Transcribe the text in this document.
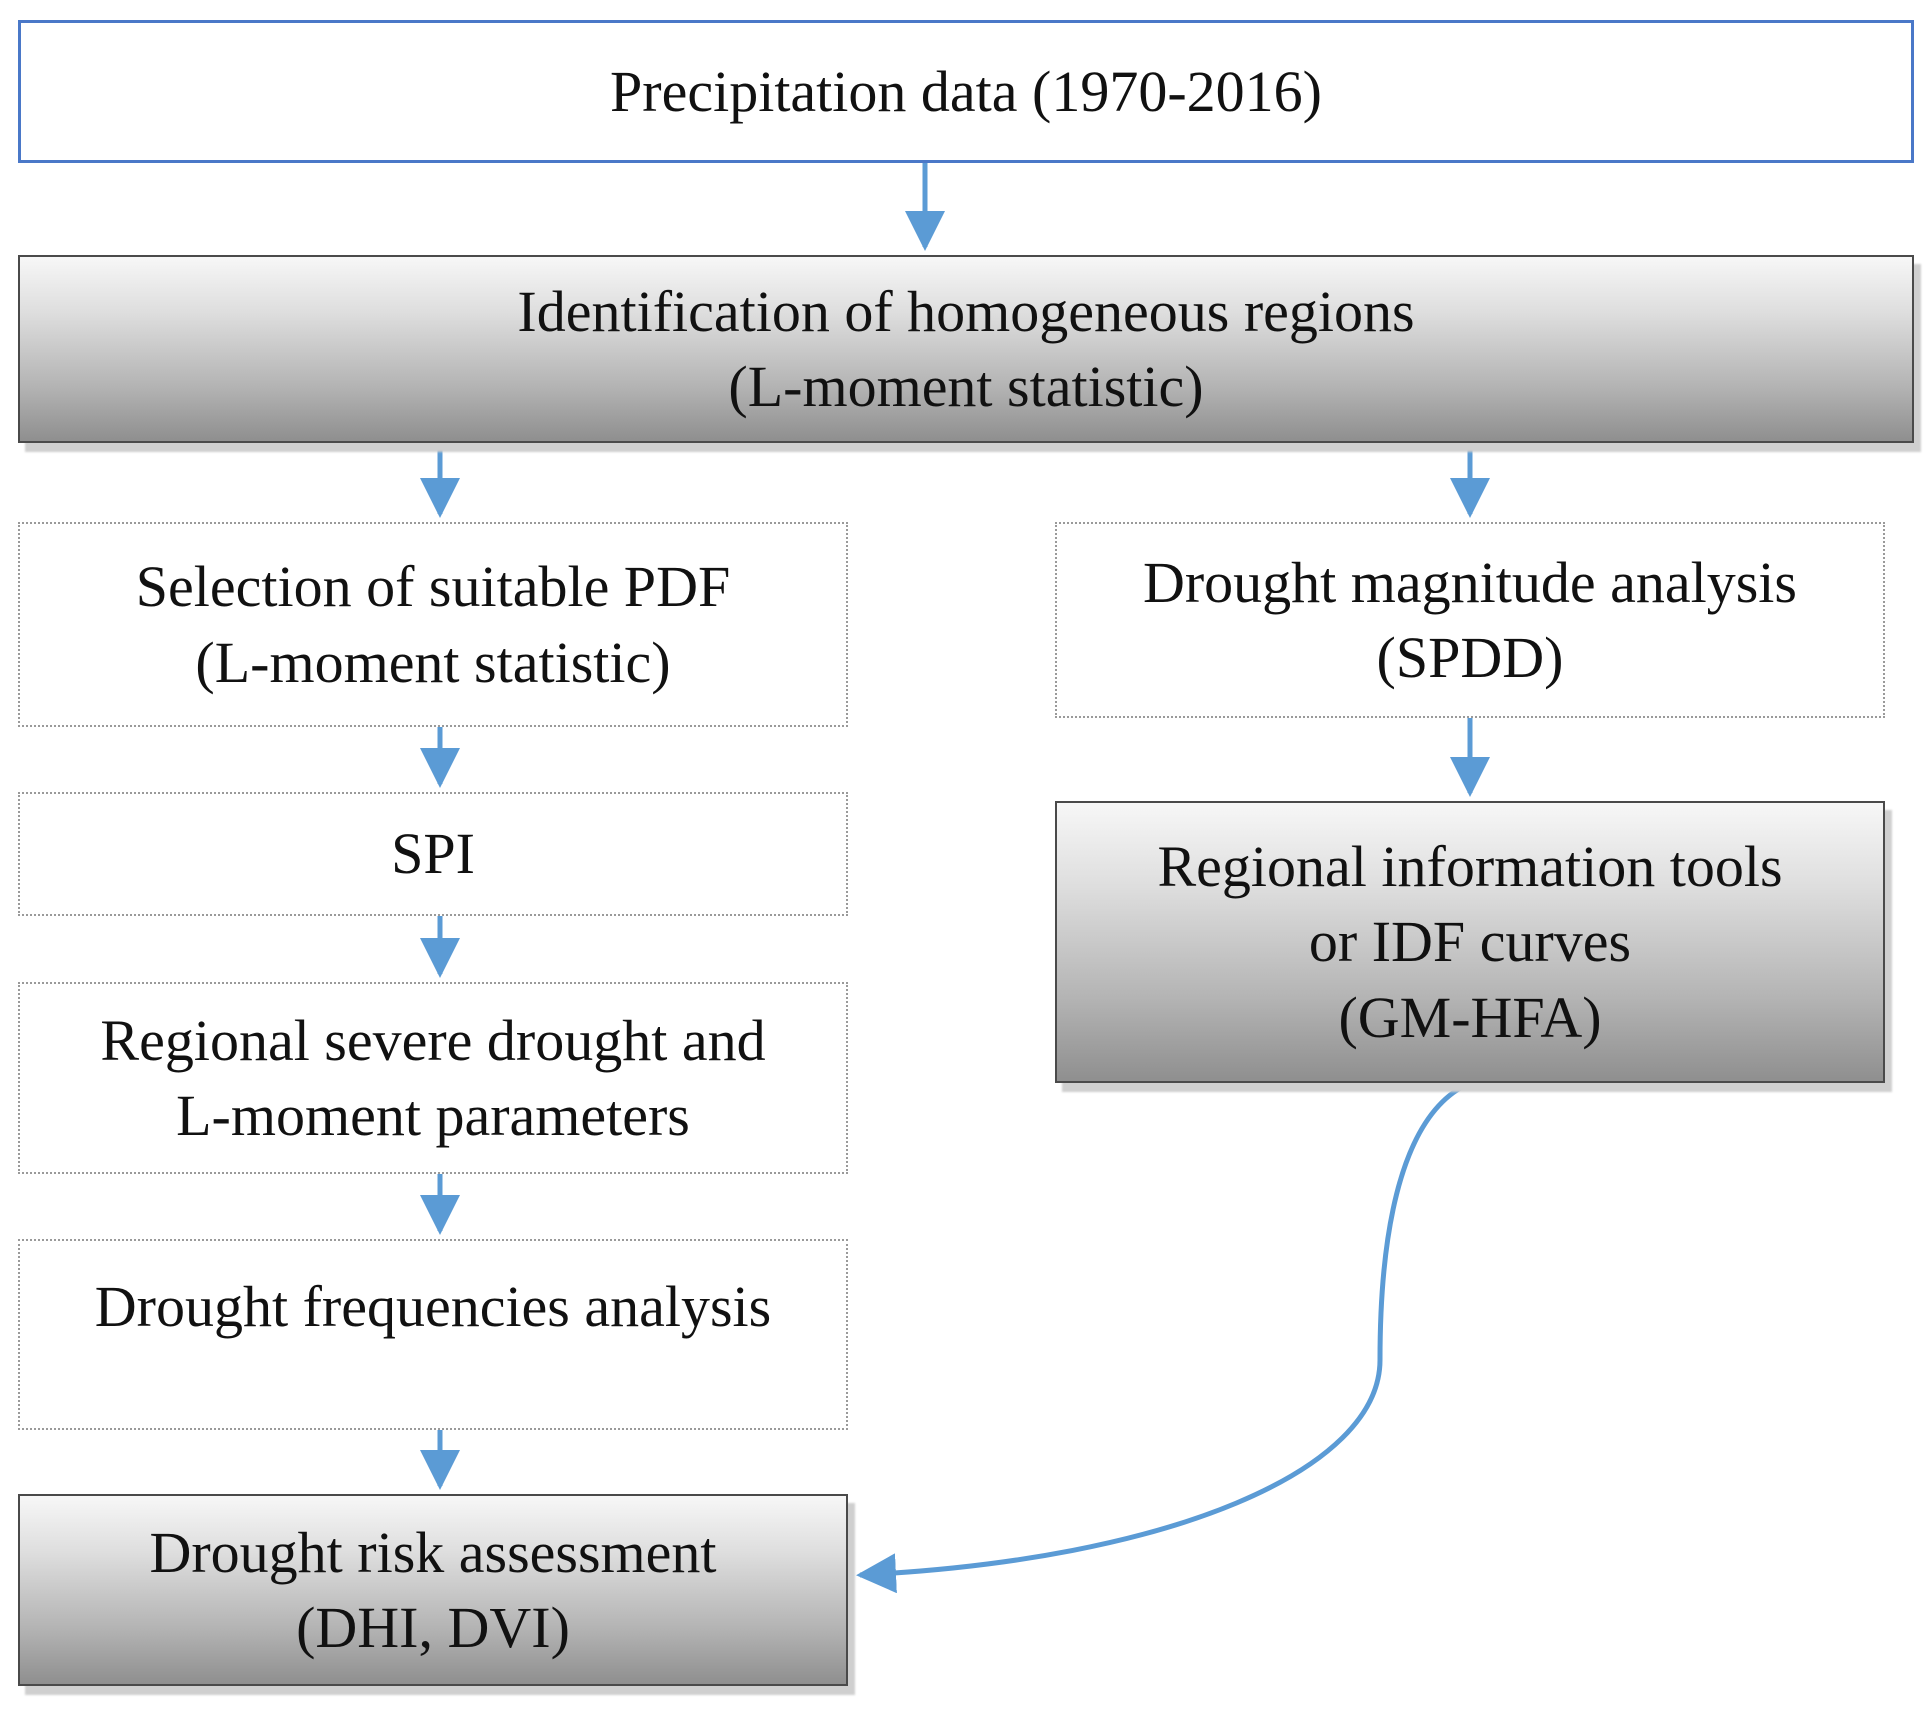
Precipitation data (1970-2016)
Identification of homogeneous regions
(L-moment statistic)
Selection of suitable PDF
(L-moment statistic)
SPI
Regional severe drought and
L-moment parameters
Drought frequencies analysis
Drought risk assessment
(DHI, DVI)
Drought magnitude analysis
(SPDD)
Regional information tools
or IDF curves
(GM-HFA)
